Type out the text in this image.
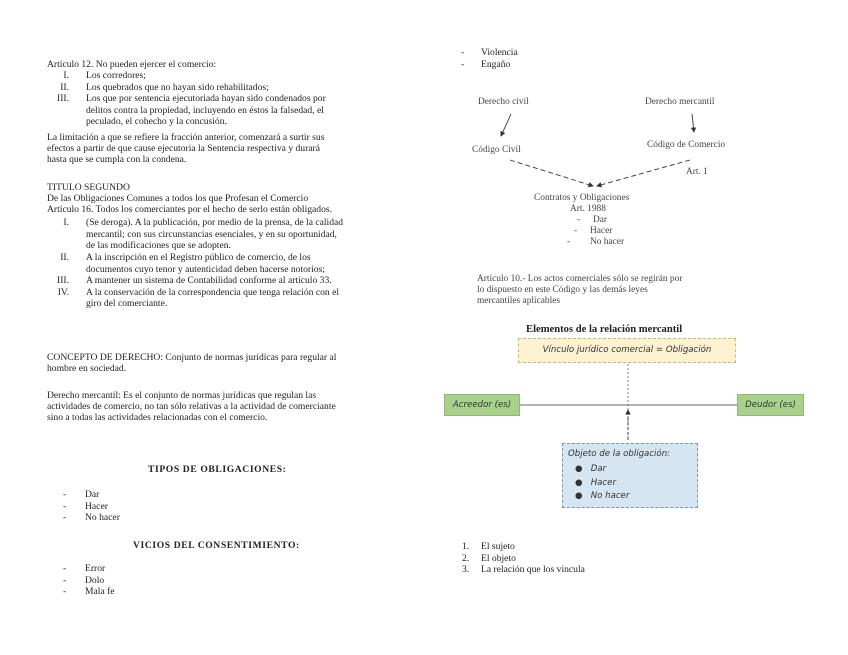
Artículo 12. No pueden ejercer el comercio:
I. Los corredores;
II. Los quebrados que no hayan sido rehabilitados;
III. Los que por sentencia ejecutoriada hayan sido condenados por
delitos contra la propiedad, incluyendo en éstos la falsedad, el
peculado, el cohecho y la concusión.
La limitación a que se refiere la fracción anterior, comenzará a surtir sus
efectos a partir de que cause ejecutoria la Sentencia respectiva y durará
hasta que se cumpla con la condena.
TITULO SEGUNDO
De las Obligaciones Comunes a todos los que Profesan el Comercio
Artículo 16. Todos los comerciantes por el hecho de serlo están obligados.
I. (Se deroga). A la publicación, por medio de la prensa, de la calidad
mercantil; con sus circunstancias esenciales, y en su oportunidad,
de las modificaciones que se adopten.
II. A la inscripción en el Registro público de comercio, de los
documentos cuyo tenor y autenticidad deben hacerse notorios;
III. A mantener un sistema de Contabilidad conforme al artículo 33.
IV. A la conservación de la correspondencia que tenga relación con el
giro del comerciante.
CONCEPTO DE DERECHO: Conjunto de normas jurídicas para regular al
hombre en sociedad.
Derecho mercantil: Es el conjunto de normas jurídicas que regulan las
actividades de comercio, no tan sólo relativas a la actividad de comerciante
sino a todas las actividades relacionadas con el comercio.
TIPOS DE OBLIGACIONES:
-	Dar
-	Hacer
-	No hacer
VICIOS DEL CONSENTIMIENTO:
-	Error
-	Dolo
-	Mala fe
-	Violencia
-	Engaño
Derecho civil	Derecho mercantil
Código Civil	Código de Comercio
Art. 1
Contratos y Obligaciones
Art. 1988
-	Dar
-	Hacer
-	No hacer
Artículo 10.- Los actos comerciales sólo se regirán por
lo dispuesto en este Código y las demás leyes
mercantiles aplicables
Elementos de la relación mercantil
Vínculo jurídico comercial = Obligación
Acreedor (es)	Deudor (es)
Objeto de la obligación:
●   Dar
●   Hacer
●   No hacer
1. El sujeto
2. El objeto
3. La relación que los vincula
